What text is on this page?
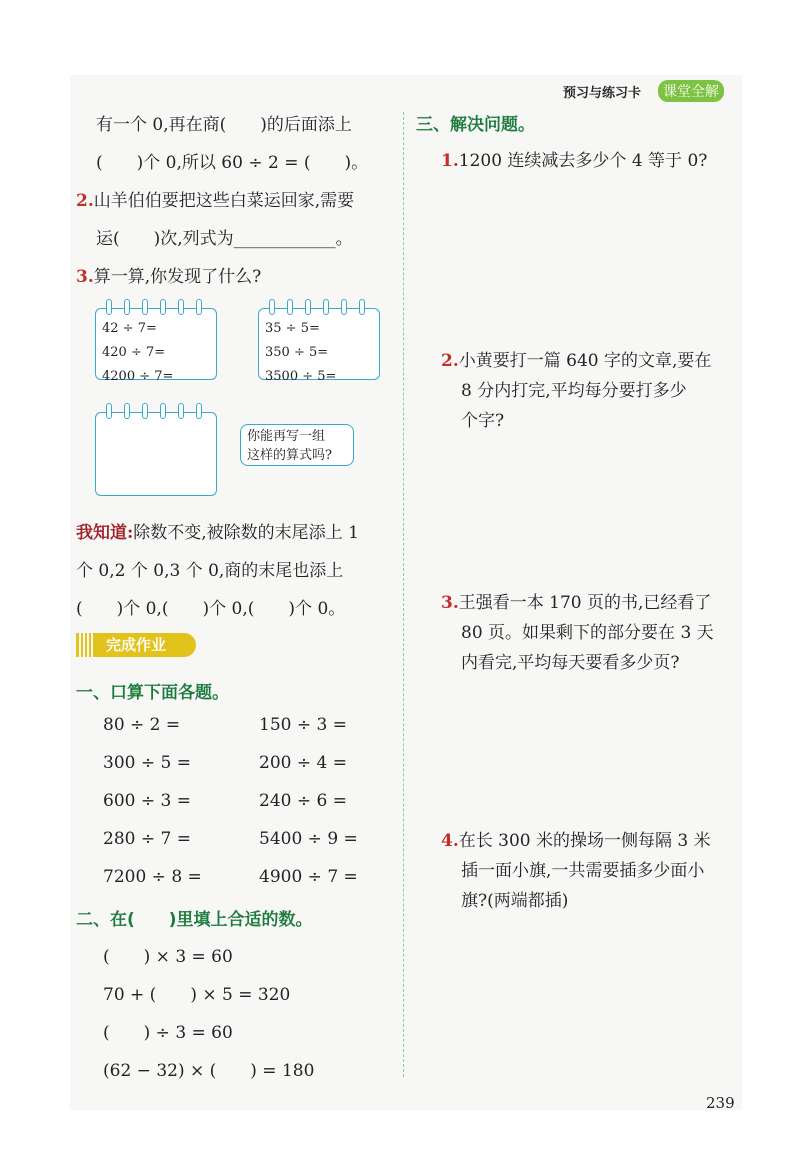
预习与练习卡	课堂全解
有一个 0,再在商(　　)的后面添上
(　　)个 0,所以 60 ÷ 2 = (　　)。
2.山羊伯伯要把这些白菜运回家,需要
运(　　)次,列式为____________。
3.算一算,你发现了什么?
42 ÷ 7=
420 ÷ 7=
4200 ÷ 7=
35 ÷ 5=
350 ÷ 5=
3500 ÷ 5=
你能再写一组
这样的算式吗?
我知道:除数不变,被除数的末尾添上 1
个 0,2 个 0,3 个 0,商的末尾也添上
(　　)个 0,(　　)个 0,(　　)个 0。
完成作业
一、口算下面各题。
80 ÷ 2 =	150 ÷ 3 =
300 ÷ 5 =	200 ÷ 4 =
600 ÷ 3 =	240 ÷ 6 =
280 ÷ 7 =	5400 ÷ 9 =
7200 ÷ 8 =	4900 ÷ 7 =
二、在(　　)里填上合适的数。
(　　) × 3 = 60
70 + (　　) × 5 = 320
(　　) ÷ 3 = 60
(62 − 32) × (　　) = 180
三、解决问题。
1.1200 连续减去多少个 4 等于 0?
2.小黄要打一篇 640 字的文章,要在
8 分内打完,平均每分要打多少
个字?
3.王强看一本 170 页的书,已经看了
80 页。如果剩下的部分要在 3 天
内看完,平均每天要看多少页?
4.在长 300 米的操场一侧每隔 3 米
插一面小旗,一共需要插多少面小
旗?(两端都插)
239
